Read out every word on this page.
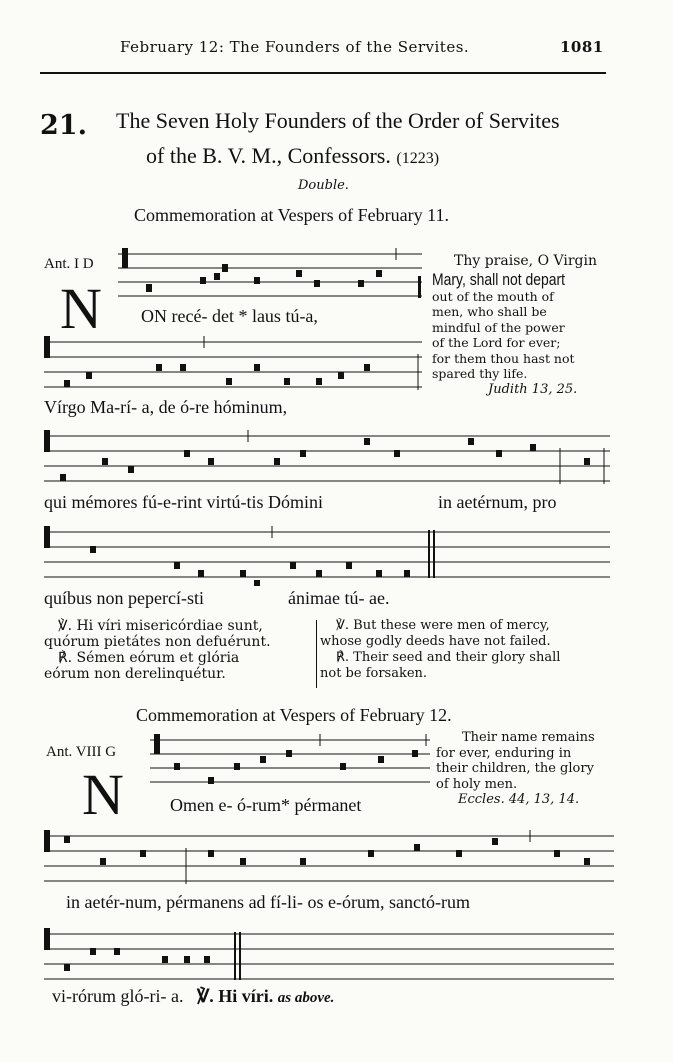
February 12: The Founders of the Servites.	1081
21. The Seven Holy Founders of the Order of Servites
of the B. V. M., Confessors. (1223)
Double.
Commemoration at Vespers of February 11.
Ant. I D
N ON recé- det * laus tú-a,
Vírgo Ma-rí- a, de ó-re hóminum,
Thy praise, O Virgin
Mary, shall not depart
out of the mouth of
men, who shall be
mindful of the power
of the Lord for ever;
for them thou hast not
spared thy life.
Judith 13, 25.
qui mémores fú-e-rint virtú-tis Dómini	in aetérnum, pro
quíbus non pepercí-sti	ánimae tú- ae.
℣. Hi víri misericórdiae sunt,
quórum pietátes non defuérunt.
℟. Sémen eórum et glória
eórum non derelinquétur.
℣. But these were men of mercy,
whose godly deeds have not failed.
℟. Their seed and their glory shall
not be forsaken.
Commemoration at Vespers of February 12.
Ant. VIII G
N	Omen e- ó-rum* pérmanet
Their name remains
for ever, enduring in
their children, the glory
of holy men.
Eccles. 44, 13, 14.
in aetér-num, pérmanens ad fí-li- os e-órum, sanctó-rum
vi-rórum gló-ri- a. ℣. Hi víri. as above.
